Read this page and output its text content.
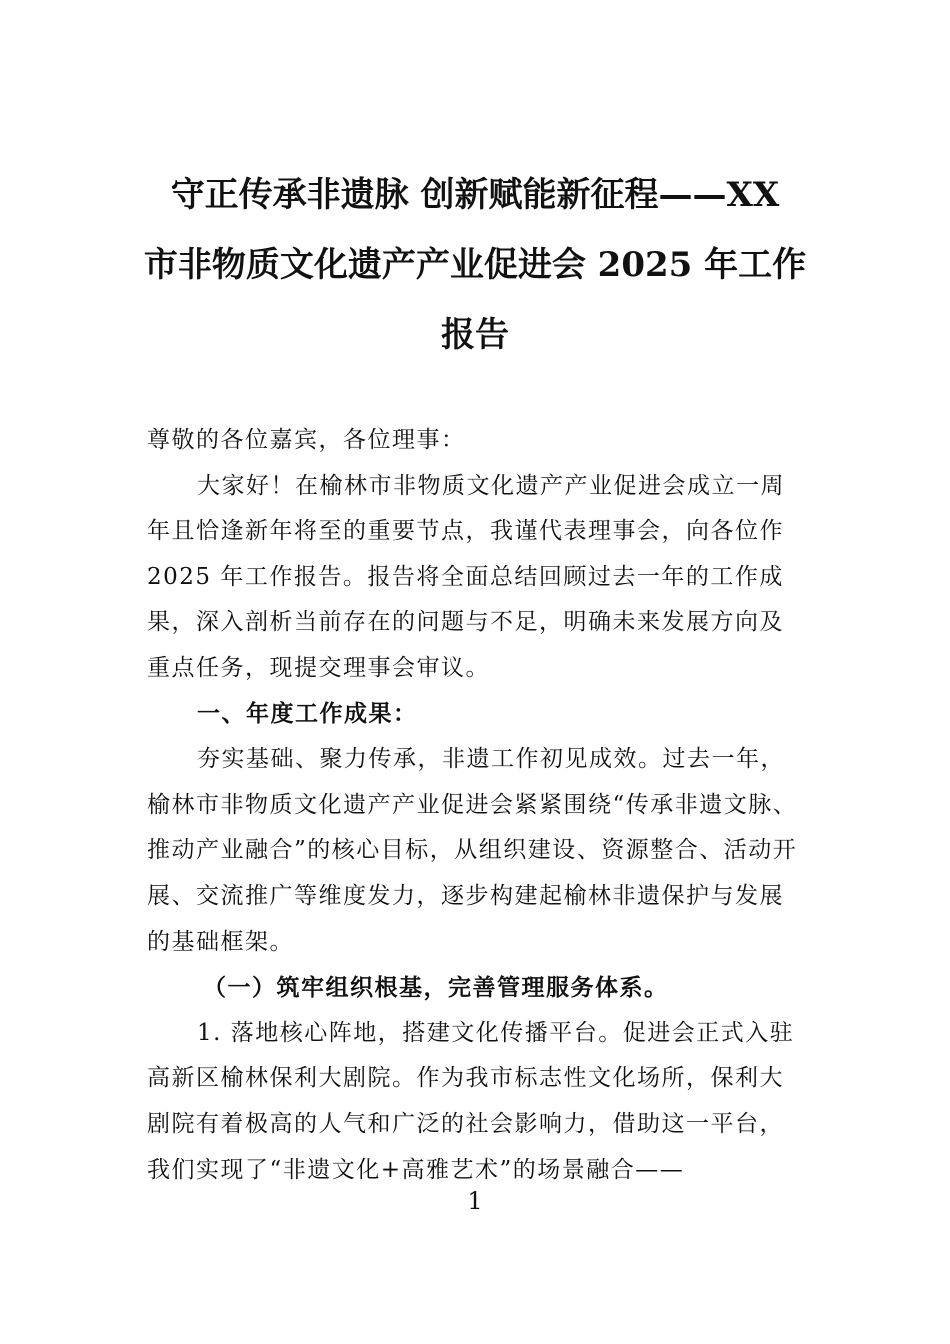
守正传承非遗脉 创新赋能新征程——XX
市非物质文化遗产产业促进会 2025 年工作
报告

尊敬的各位嘉宾，各位理事：

大家好！在榆林市非物质文化遗产产业促进会成立一周年且恰逢新年将至的重要节点，我谨代表理事会，向各位作 2025 年工作报告。报告将全面总结回顾过去一年的工作成果，深入剖析当前存在的问题与不足，明确未来发展方向及重点任务，现提交理事会审议。

一、年度工作成果：

夯实基础、聚力传承，非遗工作初见成效。过去一年，榆林市非物质文化遗产产业促进会紧紧围绕“传承非遗文脉、推动产业融合”的核心目标，从组织建设、资源整合、活动开展、交流推广等维度发力，逐步构建起榆林非遗保护与发展的基础框架。

（一）筑牢组织根基，完善管理服务体系。

1. 落地核心阵地，搭建文化传播平台。促进会正式入驻高新区榆林保利大剧院。作为我市标志性文化场所，保利大剧院有着极高的人气和广泛的社会影响力，借助这一平台，我们实现了“非遗文化+高雅艺术”的场景融合——

1
